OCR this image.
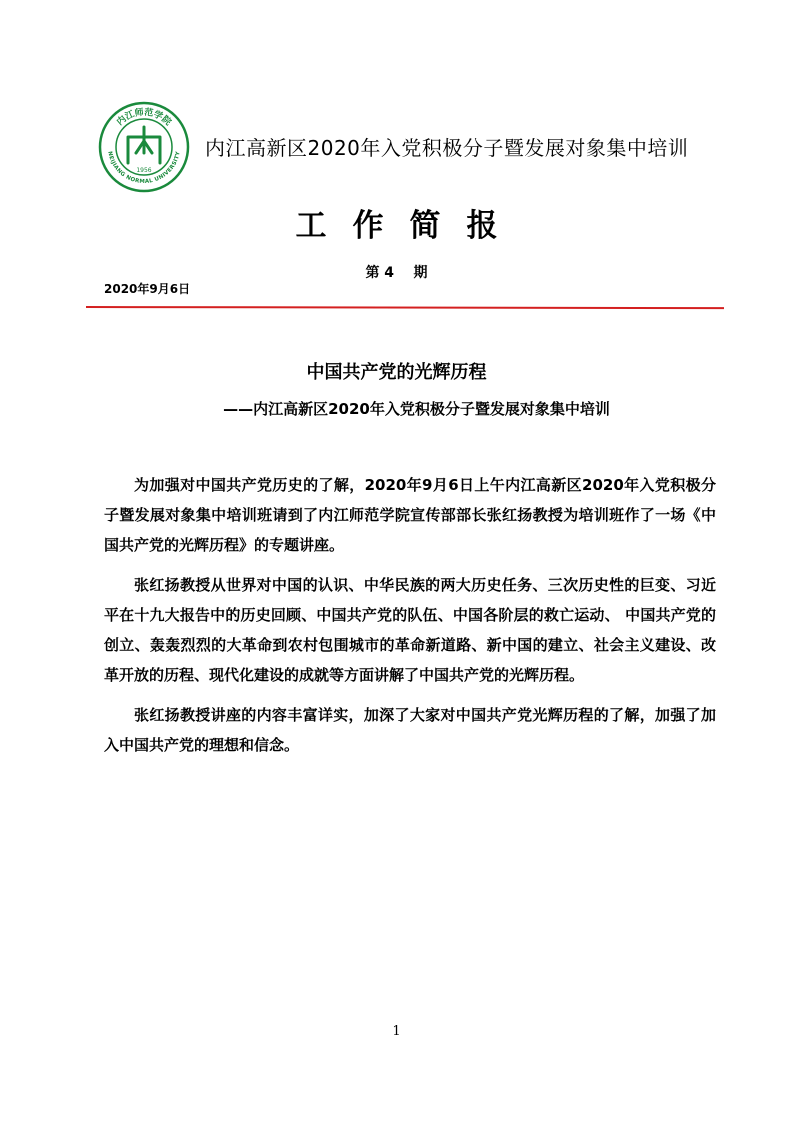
内江师范学院
NEIJIANG NORMAL UNIVERSITY
1956
内江高新区2020年入党积极分子暨发展对象集中培训
工作简报
第 4    期
2020年9月6日
中国共产党的光辉历程
——内江高新区2020年入党积极分子暨发展对象集中培训

为加强对中国共产党历史的了解，2020年9月6日上午内江高新区2020年入党积极分子暨发展对象集中培训班请到了内江师范学院宣传部部长张红扬教授为培训班作了一场《中国共产党的光辉历程》的专题讲座。

张红扬教授从世界对中国的认识、中华民族的两大历史任务、三次历史性的巨变、习近平在十九大报告中的历史回顾、中国共产党的队伍、中国各阶层的救亡运动、 中国共产党的创立、轰轰烈烈的大革命到农村包围城市的革命新道路、新中国的建立、社会主义建设、改革开放的历程、现代化建设的成就等方面讲解了中国共产党的光辉历程。

张红扬教授讲座的内容丰富详实，加深了大家对中国共产党光辉历程的了解，加强了加入中国共产党的理想和信念。

1
